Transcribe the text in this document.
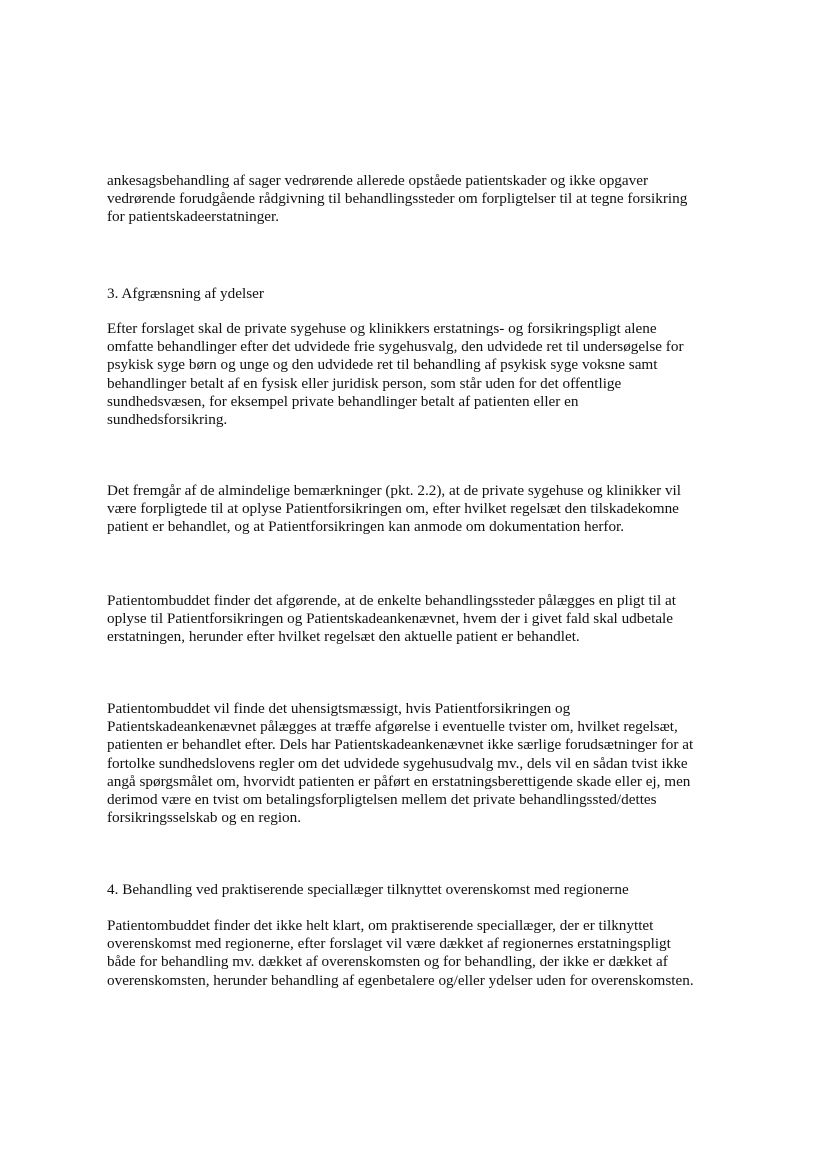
ankesagsbehandling af sager vedrørende allerede opståede patientskader og ikke opgaver
vedrørende forudgående rådgivning til behandlingssteder om forpligtelser til at tegne forsikring
for patientskadeerstatninger.

3. Afgrænsning af ydelser

Efter forslaget skal de private sygehuse og klinikkers erstatnings- og forsikringspligt alene
omfatte behandlinger efter det udvidede frie sygehusvalg, den udvidede ret til undersøgelse for
psykisk syge børn og unge og den udvidede ret til behandling af psykisk syge voksne samt
behandlinger betalt af en fysisk eller juridisk person, som står uden for det offentlige
sundhedsvæsen, for eksempel private behandlinger betalt af patienten eller en
sundhedsforsikring.

Det fremgår af de almindelige bemærkninger (pkt. 2.2), at de private sygehuse og klinikker vil
være forpligtede til at oplyse Patientforsikringen om, efter hvilket regelsæt den tilskadekomne
patient er behandlet, og at Patientforsikringen kan anmode om dokumentation herfor.

Patientombuddet finder det afgørende, at de enkelte behandlingssteder pålægges en pligt til at
oplyse til Patientforsikringen og Patientskadeankenævnet, hvem der i givet fald skal udbetale
erstatningen, herunder efter hvilket regelsæt den aktuelle patient er behandlet.

Patientombuddet vil finde det uhensigtsmæssigt, hvis Patientforsikringen og
Patientskadeankenævnet pålægges at træffe afgørelse i eventuelle tvister om, hvilket regelsæt,
patienten er behandlet efter. Dels har Patientskadeankenævnet ikke særlige forudsætninger for at
fortolke sundhedslovens regler om det udvidede sygehusudvalg mv., dels vil en sådan tvist ikke
angå spørgsmålet om, hvorvidt patienten er påført en erstatningsberettigende skade eller ej, men
derimod være en tvist om betalingsforpligtelsen mellem det private behandlingssted/dettes
forsikringsselskab og en region.

4. Behandling ved praktiserende speciallæger tilknyttet overenskomst med regionerne

Patientombuddet finder det ikke helt klart, om praktiserende speciallæger, der er tilknyttet
overenskomst med regionerne, efter forslaget vil være dækket af regionernes erstatningspligt
både for behandling mv. dækket af overenskomsten og for behandling, der ikke er dækket af
overenskomsten, herunder behandling af egenbetalere og/eller ydelser uden for overenskomsten.
